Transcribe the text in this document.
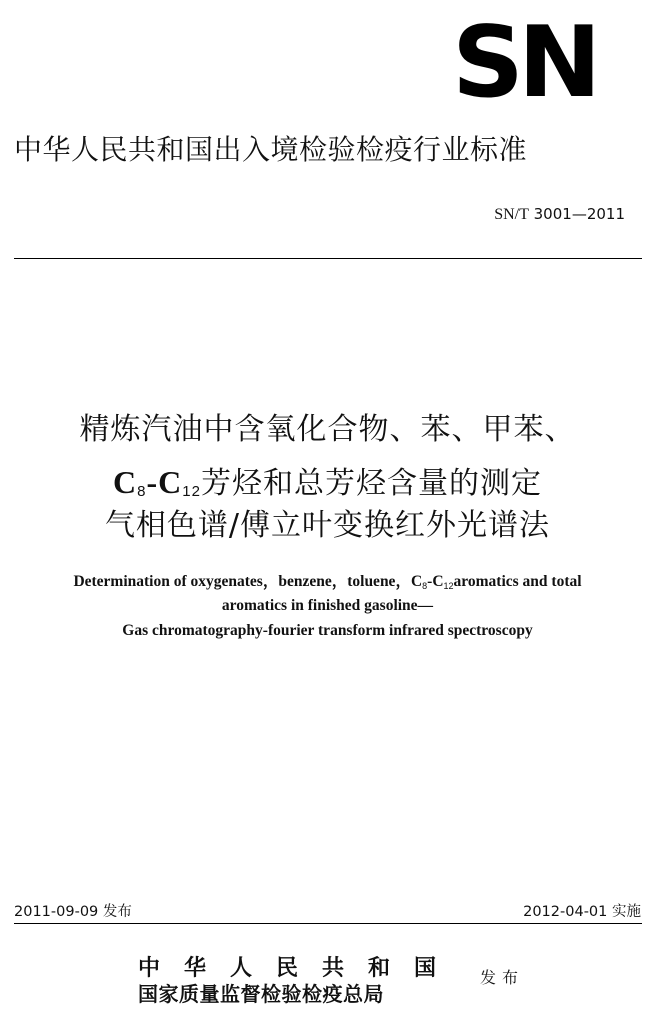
SN
中华人民共和国出入境检验检疫行业标准
SN/T 3001—2011
精炼汽油中含氧化合物、苯、甲苯、
$C_8-C_{12}$芳烃和总芳烃含量的测定
气相色谱/傅立叶变换红外光谱法
Determination of oxygenates，benzene，toluene，C8-C12aromatics and total
aromatics in finished gasoline—
Gas chromatography-fourier transform infrared spectroscopy
2011-09-09 发布	2012-04-01 实施
中华人民共和国
国家质量监督检验检疫总局
发布
